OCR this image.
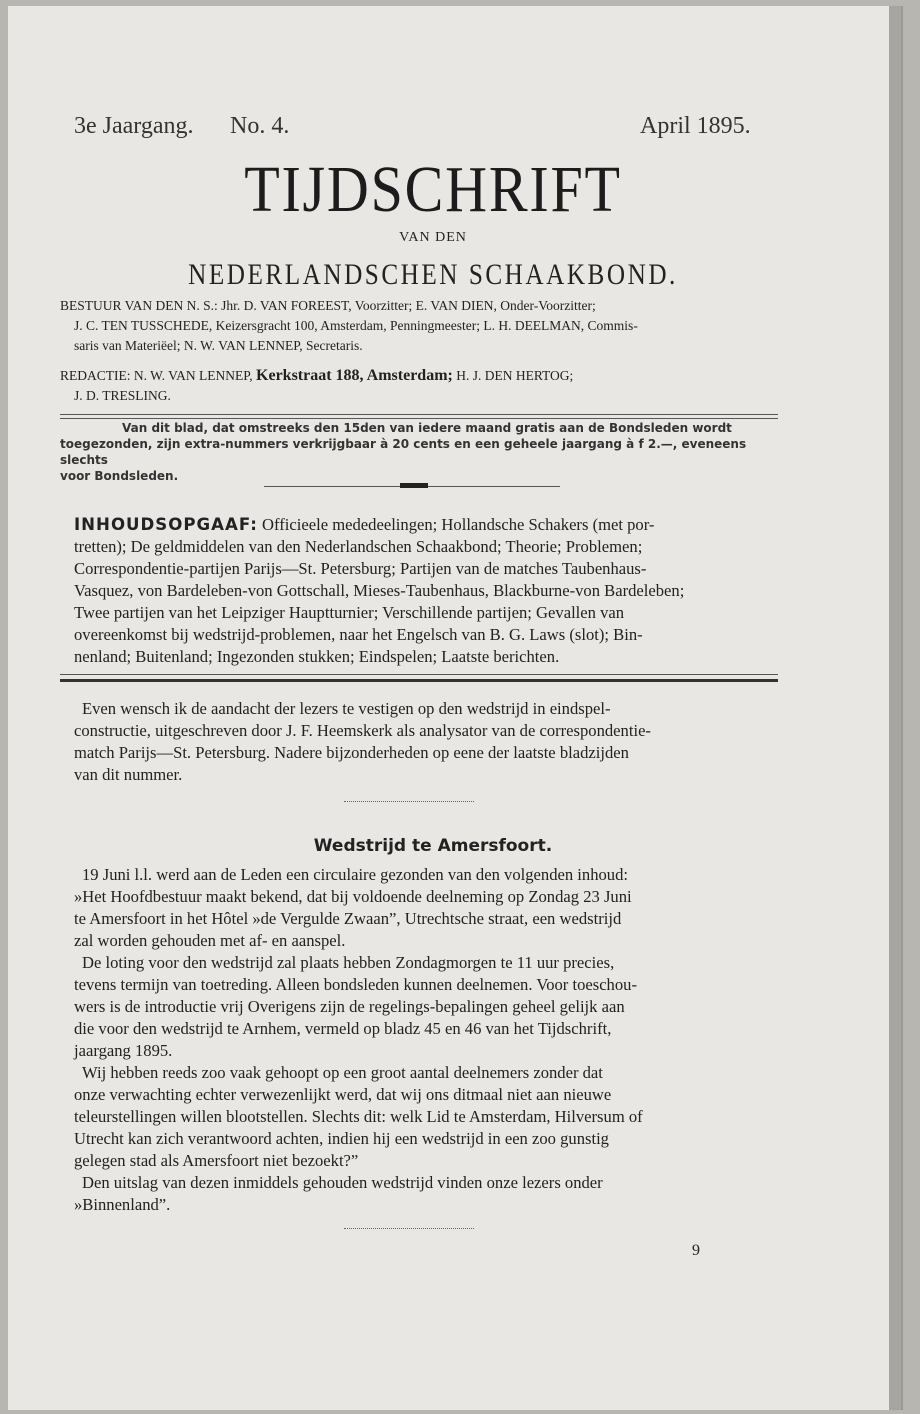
3e Jaargang. No. 4.	April 1895.
TIJDSCHRIFT
VAN DEN
NEDERLANDSCHEN SCHAAKBOND.
BESTUUR VAN DEN N. S.: Jhr. D. VAN FOREEST, Voorzitter; E. VAN DIEN, Onder-Voorzitter;
J. C. TEN TUSSCHEDE, Keizersgracht 100, Amsterdam, Penningmeester; L. H. DEELMAN, Commis-
saris van Materiëel; N. W. VAN LENNEP, Secretaris.
REDACTIE: N. W. VAN LENNEP, Kerkstraat 188, Amsterdam; H. J. DEN HERTOG;
J. D. TRESLING.
Van dit blad, dat omstreeks den 15den van iedere maand gratis aan de Bondsleden wordt
toegezonden, zijn extra-nummers verkrijgbaar à 20 cents en een geheele jaargang à f 2.—, eveneens slechts
voor Bondsleden.
INHOUDSOPGAAF: Officieele mededeelingen; Hollandsche Schakers (met por-
tretten); De geldmiddelen van den Nederlandschen Schaakbond; Theorie; Problemen;
Correspondentie-partijen Parijs—St. Petersburg; Partijen van de matches Taubenhaus-
Vasquez, von Bardeleben-von Gottschall, Mieses-Taubenhaus, Blackburne-von Bardeleben;
Twee partijen van het Leipziger Hauptturnier; Verschillende partijen; Gevallen van
overeenkomst bij wedstrijd-problemen, naar het Engelsch van B. G. Laws (slot); Bin-
nenland; Buitenland; Ingezonden stukken; Eindspelen; Laatste berichten.
Even wensch ik de aandacht der lezers te vestigen op den wedstrijd in eindspel-
constructie, uitgeschreven door J. F. Heemskerk als analysator van de correspondentie-
match Parijs—St. Petersburg. Nadere bijzonderheden op eene der laatste bladzijden
van dit nummer.
Wedstrijd te Amersfoort.
19 Juni l.l. werd aan de Leden een circulaire gezonden van den volgenden inhoud:
»Het Hoofdbestuur maakt bekend, dat bij voldoende deelneming op Zondag 23 Juni
te Amersfoort in het Hôtel »de Vergulde Zwaan”, Utrechtsche straat, een wedstrijd
zal worden gehouden met af- en aanspel.
De loting voor den wedstrijd zal plaats hebben Zondagmorgen te 11 uur precies,
tevens termijn van toetreding. Alleen bondsleden kunnen deelnemen. Voor toeschou-
wers is de introductie vrij Overigens zijn de regelings-bepalingen geheel gelijk aan
die voor den wedstrijd te Arnhem, vermeld op bladz 45 en 46 van het Tijdschrift,
jaargang 1895.
Wij hebben reeds zoo vaak gehoopt op een groot aantal deelnemers zonder dat
onze verwachting echter verwezenlijkt werd, dat wij ons ditmaal niet aan nieuwe
teleurstellingen willen blootstellen. Slechts dit: welk Lid te Amsterdam, Hilversum of
Utrecht kan zich verantwoord achten, indien hij een wedstrijd in een zoo gunstig
gelegen stad als Amersfoort niet bezoekt?”
Den uitslag van dezen inmiddels gehouden wedstrijd vinden onze lezers onder
»Binnenland”.
9
